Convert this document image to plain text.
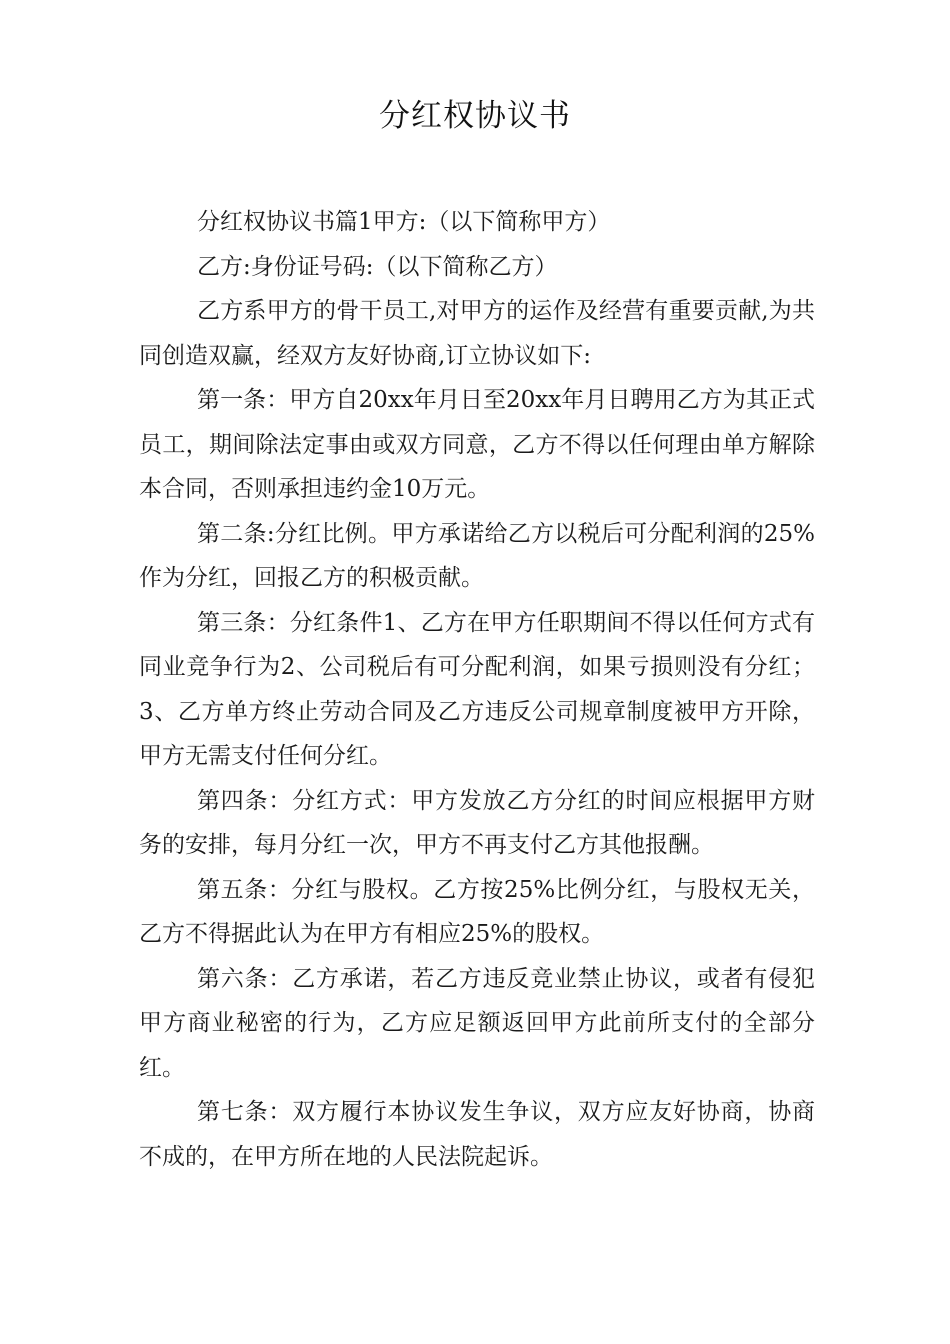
分红权协议书

分红权协议书篇1甲方:（以下简称甲方）

乙方:身份证号码:（以下简称乙方）

乙方系甲方的骨干员工,对甲方的运作及经营有重要贡献,为共同创造双赢，经双方友好协商,订立协议如下:

第一条：甲方自20xx年月日至20xx年月日聘用乙方为其正式员工，期间除法定事由或双方同意，乙方不得以任何理由单方解除本合同，否则承担违约金10万元。

第二条:分红比例。甲方承诺给乙方以税后可分配利润的25%作为分红，回报乙方的积极贡献。

第三条：分红条件1、乙方在甲方任职期间不得以任何方式有同业竞争行为2、公司税后有可分配利润，如果亏损则没有分红；3、乙方单方终止劳动合同及乙方违反公司规章制度被甲方开除，甲方无需支付任何分红。

第四条：分红方式：甲方发放乙方分红的时间应根据甲方财务的安排，每月分红一次，甲方不再支付乙方其他报酬。

第五条：分红与股权。乙方按25%比例分红，与股权无关，乙方不得据此认为在甲方有相应25%的股权。

第六条：乙方承诺，若乙方违反竞业禁止协议，或者有侵犯甲方商业秘密的行为，乙方应足额返回甲方此前所支付的全部分红。

第七条：双方履行本协议发生争议，双方应友好协商，协商不成的，在甲方所在地的人民法院起诉。
